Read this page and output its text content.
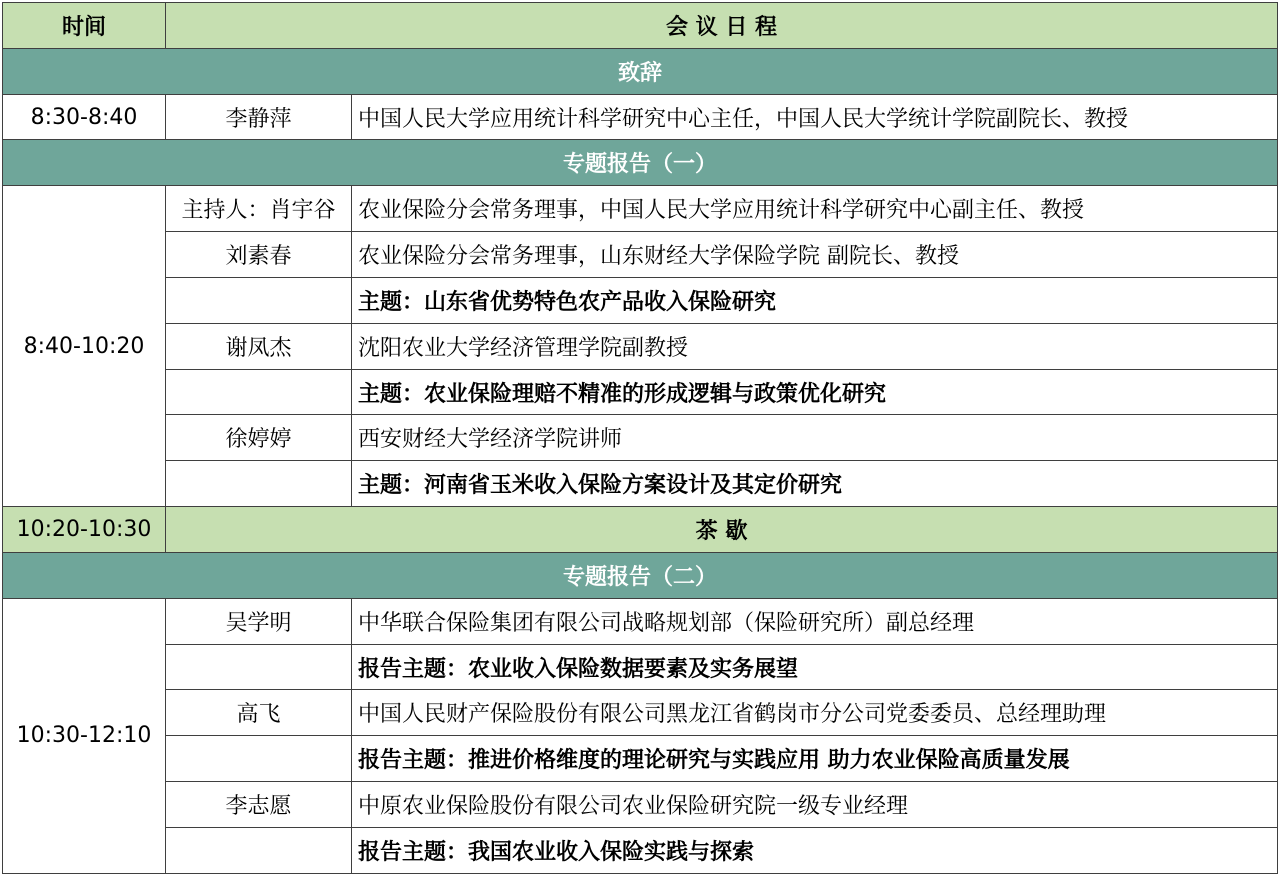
时间	会 议 日 程	
致辞		
8:30-8:40	李静萍	中国人民大学应用统计科学研究中心主任，中国人民大学统计学院副院长、教授
专题报告（一）		
8:40-10:20	主持人：肖宇谷	农业保险分会常务理事，中国人民大学应用统计科学研究中心副主任、教授
	刘素春	农业保险分会常务理事，山东财经大学保险学院 副院长、教授
		主题：山东省优势特色农产品收入保险研究
	谢凤杰	沈阳农业大学经济管理学院副教授
		主题：农业保险理赔不精准的形成逻辑与政策优化研究
	徐婷婷	西安财经大学经济学院讲师
		主题：河南省玉米收入保险方案设计及其定价研究
10:20-10:30	茶 歇	
专题报告（二）		
10:30-12:10	吴学明	中华联合保险集团有限公司战略规划部（保险研究所）副总经理
		报告主题：农业收入保险数据要素及实务展望
	高飞	中国人民财产保险股份有限公司黑龙江省鹤岗市分公司党委委员、总经理助理
		报告主题：推进价格维度的理论研究与实践应用 助力农业保险高质量发展
	李志愿	中原农业保险股份有限公司农业保险研究院一级专业经理
		报告主题：我国农业收入保险实践与探索
